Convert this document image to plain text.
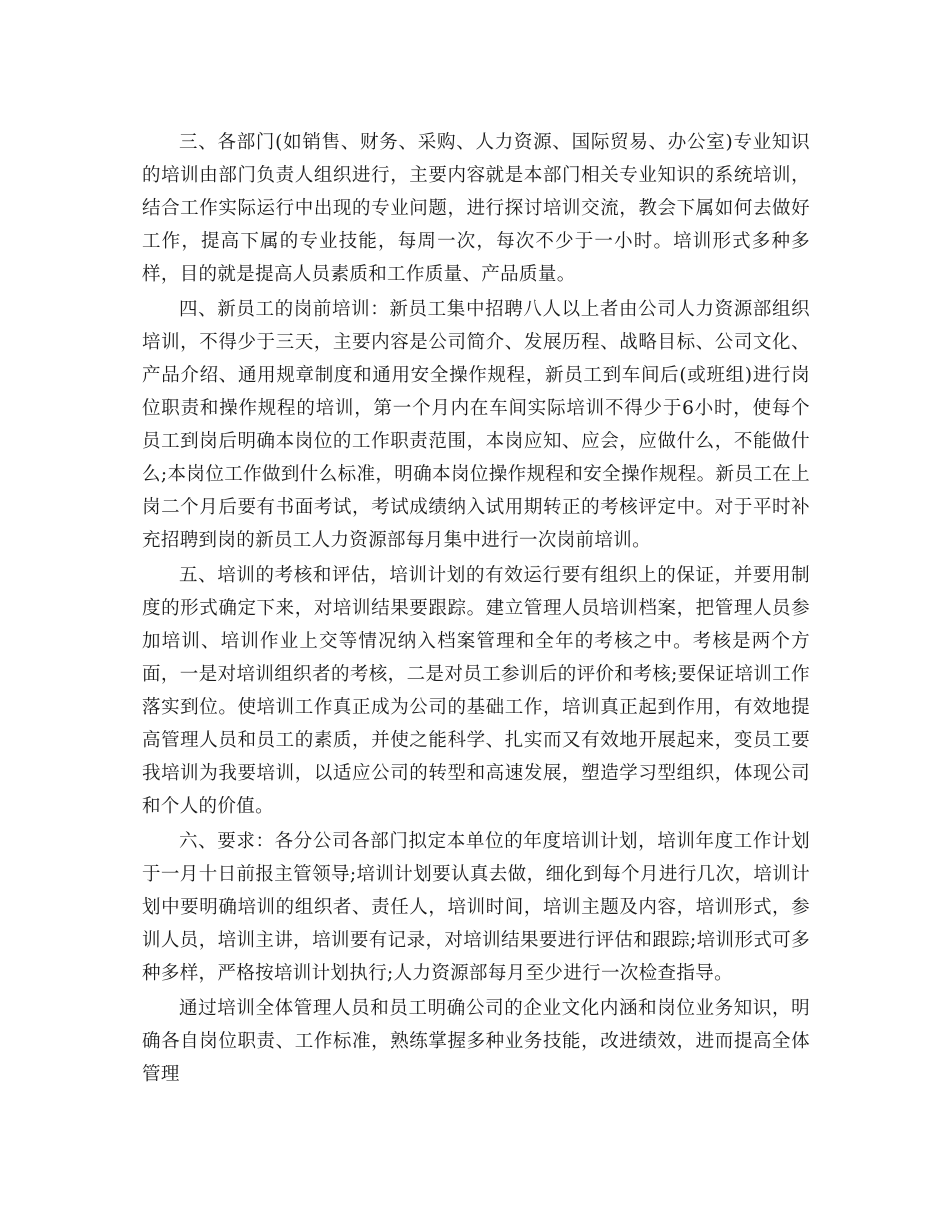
三、各部门(如销售、财务、采购、人力资源、国际贸易、办公室)专业知识的培训由部门负责人组织进行，主要内容就是本部门相关专业知识的系统培训，结合工作实际运行中出现的专业问题，进行探讨培训交流，教会下属如何去做好工作，提高下属的专业技能，每周一次，每次不少于一小时。培训形式多种多样，目的就是提高人员素质和工作质量、产品质量。

四、新员工的岗前培训：新员工集中招聘八人以上者由公司人力资源部组织培训，不得少于三天，主要内容是公司简介、发展历程、战略目标、公司文化、产品介绍、通用规章制度和通用安全操作规程，新员工到车间后(或班组)进行岗位职责和操作规程的培训，第一个月内在车间实际培训不得少于6小时，使每个员工到岗后明确本岗位的工作职责范围，本岗应知、应会，应做什么，不能做什么;本岗位工作做到什么标准，明确本岗位操作规程和安全操作规程。新员工在上岗二个月后要有书面考试，考试成绩纳入试用期转正的考核评定中。对于平时补充招聘到岗的新员工人力资源部每月集中进行一次岗前培训。

五、培训的考核和评估，培训计划的有效运行要有组织上的保证，并要用制度的形式确定下来，对培训结果要跟踪。建立管理人员培训档案，把管理人员参加培训、培训作业上交等情况纳入档案管理和全年的考核之中。考核是两个方面，一是对培训组织者的考核，二是对员工参训后的评价和考核;要保证培训工作落实到位。使培训工作真正成为公司的基础工作，培训真正起到作用，有效地提高管理人员和员工的素质，并使之能科学、扎实而又有效地开展起来，变员工要我培训为我要培训，以适应公司的转型和高速发展，塑造学习型组织，体现公司和个人的价值。

六、要求：各分公司各部门拟定本单位的年度培训计划，培训年度工作计划于一月十日前报主管领导;培训计划要认真去做，细化到每个月进行几次，培训计划中要明确培训的组织者、责任人，培训时间，培训主题及内容，培训形式，参训人员，培训主讲，培训要有记录，对培训结果要进行评估和跟踪;培训形式可多种多样，严格按培训计划执行;人力资源部每月至少进行一次检查指导。

通过培训全体管理人员和员工明确公司的企业文化内涵和岗位业务知识，明确各自岗位职责、工作标准，熟练掌握多种业务技能，改进绩效，进而提高全体管理
